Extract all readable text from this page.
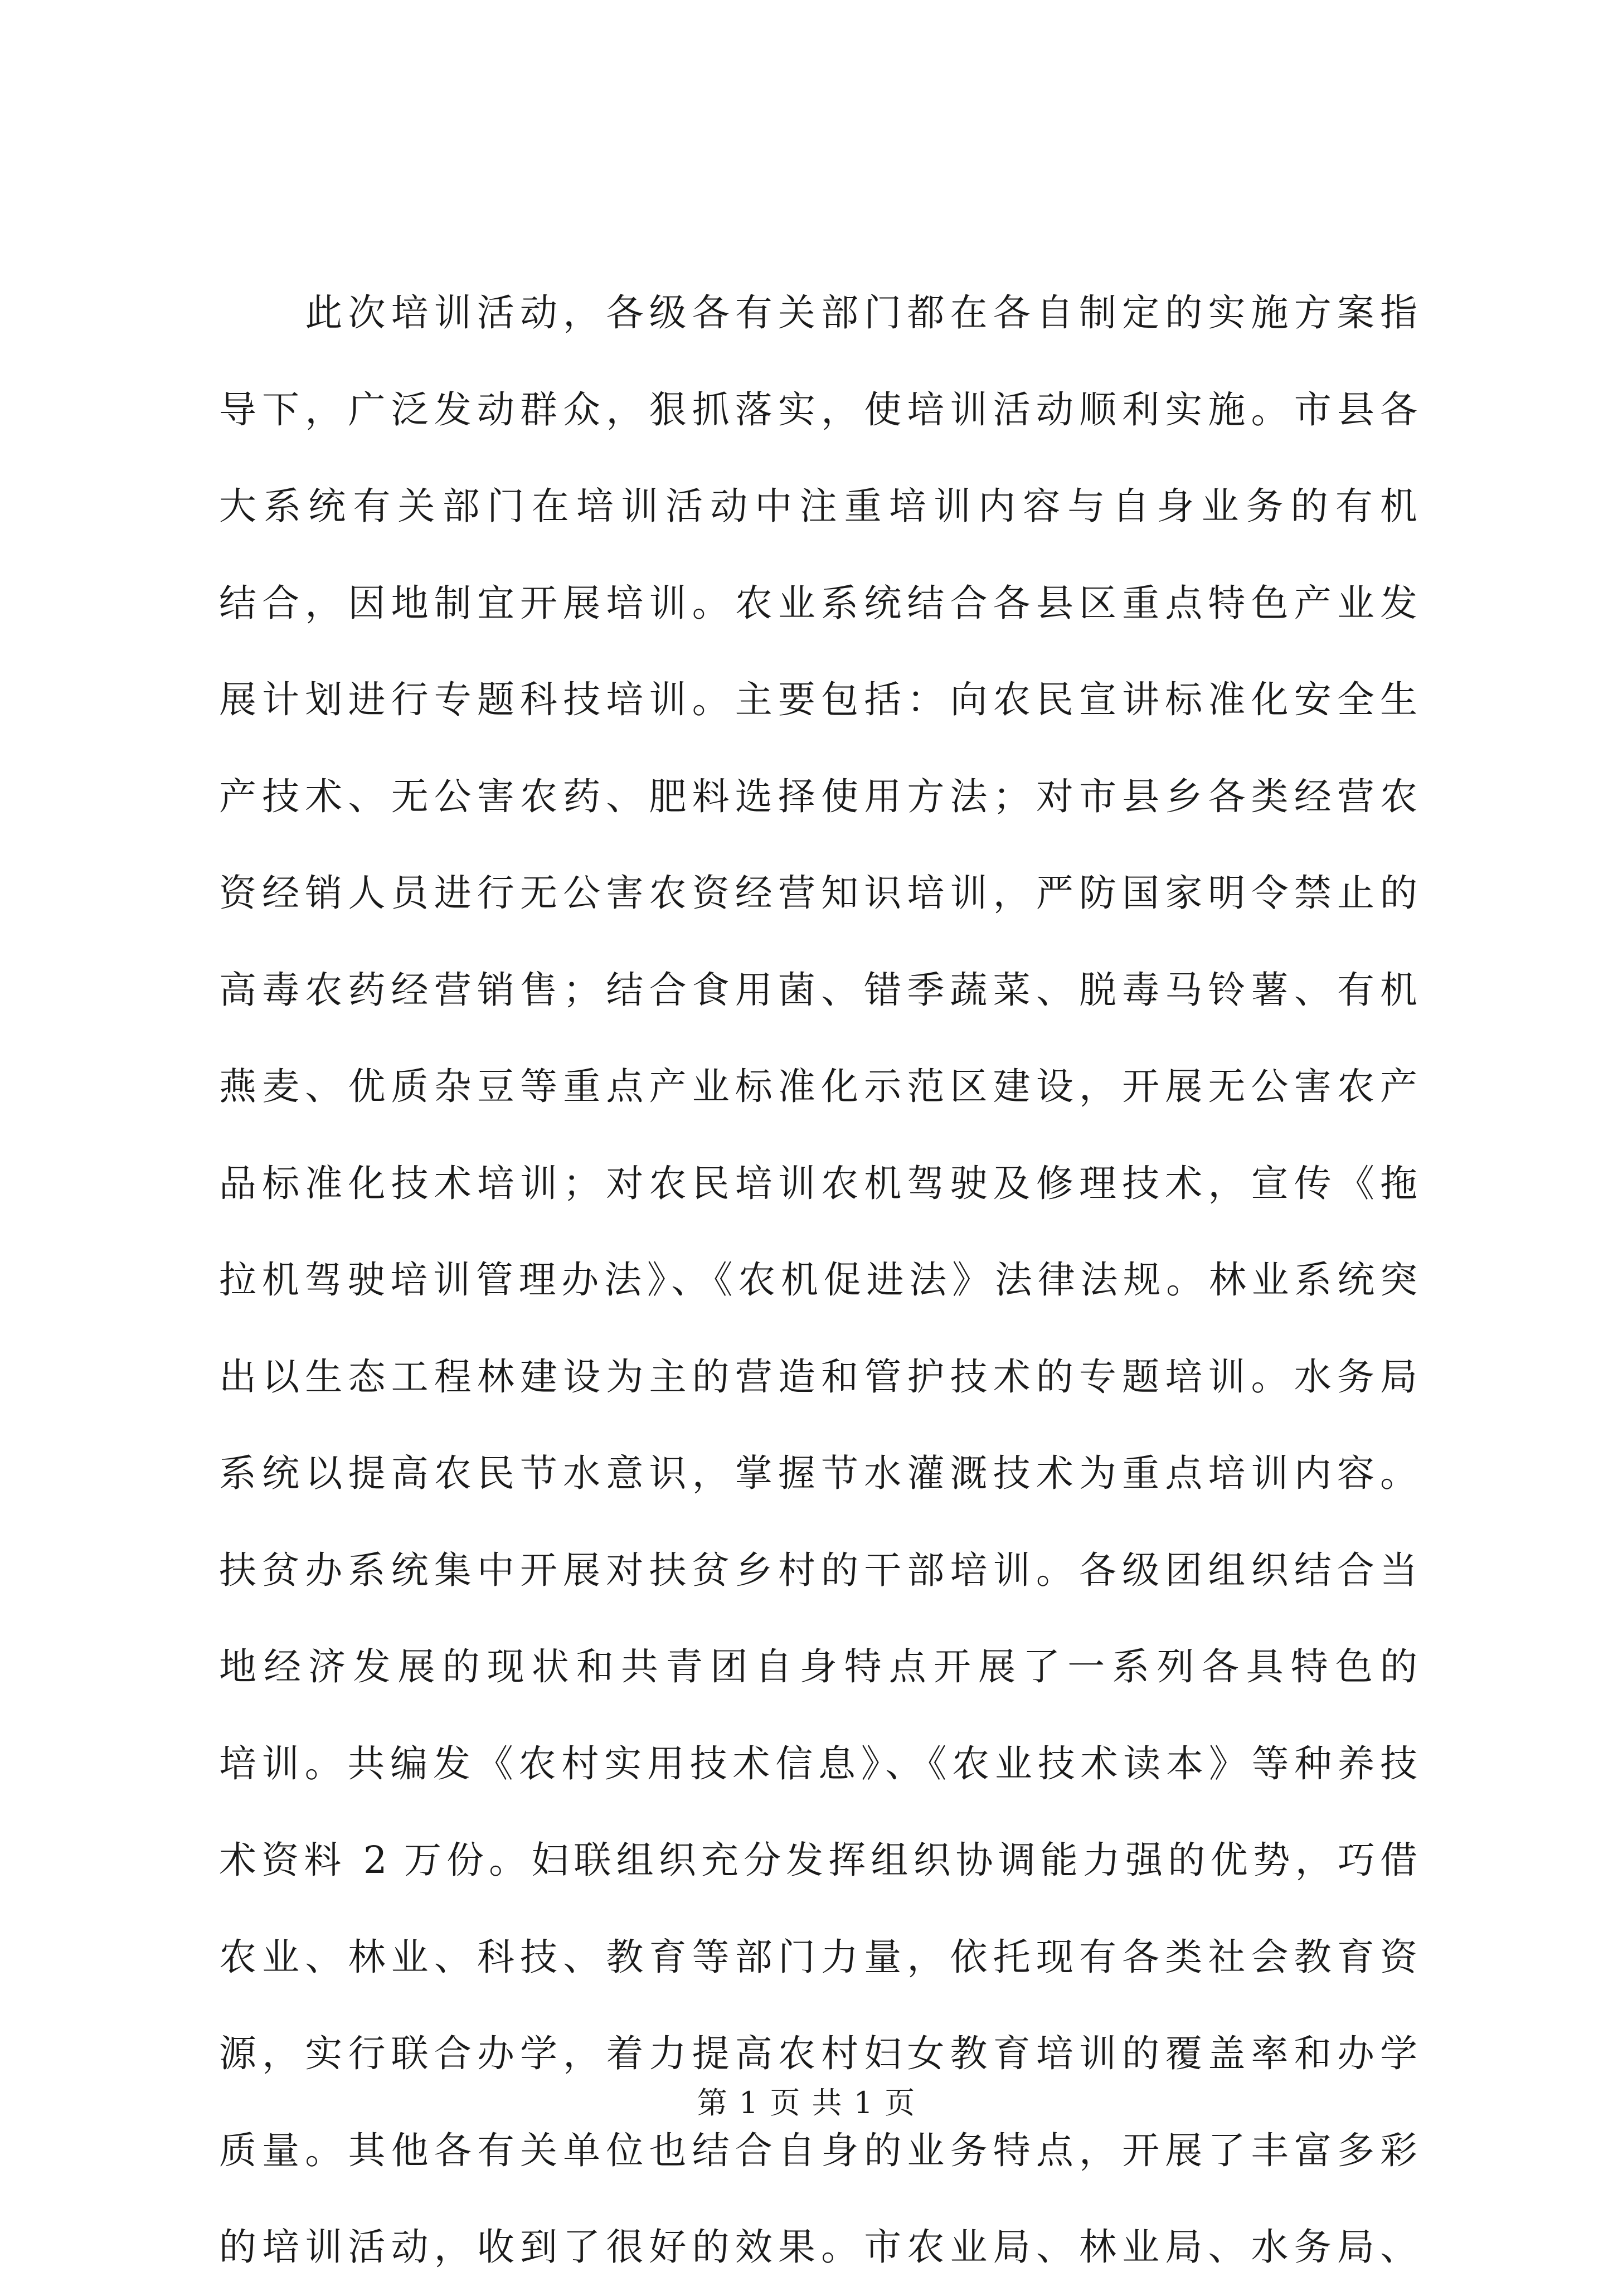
　　此次培训活动，各级各有关部门都在各自制定的实施方案指
导下，广泛发动群众，狠抓落实，使培训活动顺利实施。市县各
大系统有关部门在培训活动中注重培训内容与自身业务的有机
结合，因地制宜开展培训。农业系统结合各县区重点特色产业发
展计划进行专题科技培训。主要包括：向农民宣讲标准化安全生
产技术、无公害农药、肥料选择使用方法；对市县乡各类经营农
资经销人员进行无公害农资经营知识培训，严防国家明令禁止的
高毒农药经营销售；结合食用菌、错季蔬菜、脱毒马铃薯、有机
燕麦、优质杂豆等重点产业标准化示范区建设，开展无公害农产
品标准化技术培训；对农民培训农机驾驶及修理技术，宣传《拖
拉机驾驶培训管理办法》、《农机促进法》法律法规。林业系统突
出以生态工程林建设为主的营造和管护技术的专题培训。水务局
系统以提高农民节水意识，掌握节水灌溉技术为重点培训内容。
扶贫办系统集中开展对扶贫乡村的干部培训。各级团组织结合当
地经济发展的现状和共青团自身特点开展了一系列各具特色的
培训。共编发《农村实用技术信息》、《农业技术读本》等种养技
术资料 2 万份。妇联组织充分发挥组织协调能力强的优势，巧借
农业、林业、科技、教育等部门力量，依托现有各类社会教育资
源，实行联合办学，着力提高农村妇女教育培训的覆盖率和办学
质量。其他各有关单位也结合自身的业务特点，开展了丰富多彩
的培训活动，收到了很好的效果。市农业局、林业局、水务局、
第 1 页 共 1 页
